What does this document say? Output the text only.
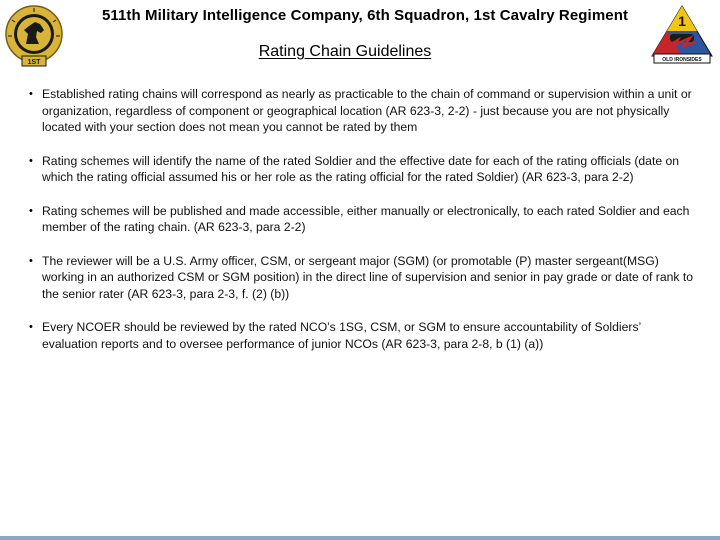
1ST
511th Military Intelligence Company, 6th Squadron, 1st Cavalry Regiment	1
OLD IRONSIDES
Rating Chain Guidelines
• Established rating chains will correspond as nearly as practicable to the chain of command or supervision within a unit or organization, regardless of component or geographical location (AR 623-3, 2-2) - just because you are not physically located with your section does not mean you cannot be rated by them
• Rating schemes will identify the name of the rated Soldier and the effective date for each of the rating officials (date on which the rating official assumed his or her role as the rating official for the rated Soldier) (AR 623-3, para 2-2)
• Rating schemes will be published and made accessible, either manually or electronically, to each rated Soldier and each member of the rating chain. (AR 623-3, para 2-2)
• The reviewer will be a U.S. Army officer, CSM, or sergeant major (SGM) (or promotable (P) master sergeant(MSG) working in an authorized CSM or SGM position) in the direct line of supervision and senior in pay grade or date of rank to the senior rater (AR 623-3, para 2-3, f. (2) (b))
• Every NCOER should be reviewed by the rated NCO’s 1SG, CSM, or SGM to ensure accountability of Soldiers’ evaluation reports and to oversee performance of junior NCOs (AR 623-3, para 2-8, b (1) (a))
